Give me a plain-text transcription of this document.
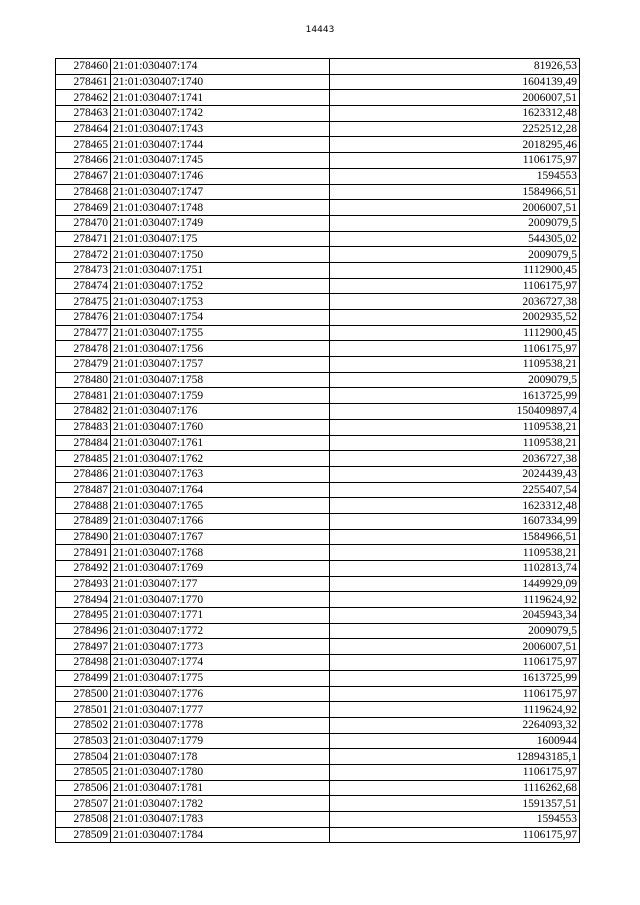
14443
278460	21:01:030407:174	81926,53
278461	21:01:030407:1740	1604139,49
278462	21:01:030407:1741	2006007,51
278463	21:01:030407:1742	1623312,48
278464	21:01:030407:1743	2252512,28
278465	21:01:030407:1744	2018295,46
278466	21:01:030407:1745	1106175,97
278467	21:01:030407:1746	1594553
278468	21:01:030407:1747	1584966,51
278469	21:01:030407:1748	2006007,51
278470	21:01:030407:1749	2009079,5
278471	21:01:030407:175	544305,02
278472	21:01:030407:1750	2009079,5
278473	21:01:030407:1751	1112900,45
278474	21:01:030407:1752	1106175,97
278475	21:01:030407:1753	2036727,38
278476	21:01:030407:1754	2002935,52
278477	21:01:030407:1755	1112900,45
278478	21:01:030407:1756	1106175,97
278479	21:01:030407:1757	1109538,21
278480	21:01:030407:1758	2009079,5
278481	21:01:030407:1759	1613725,99
278482	21:01:030407:176	150409897,4
278483	21:01:030407:1760	1109538,21
278484	21:01:030407:1761	1109538,21
278485	21:01:030407:1762	2036727,38
278486	21:01:030407:1763	2024439,43
278487	21:01:030407:1764	2255407,54
278488	21:01:030407:1765	1623312,48
278489	21:01:030407:1766	1607334,99
278490	21:01:030407:1767	1584966,51
278491	21:01:030407:1768	1109538,21
278492	21:01:030407:1769	1102813,74
278493	21:01:030407:177	1449929,09
278494	21:01:030407:1770	1119624,92
278495	21:01:030407:1771	2045943,34
278496	21:01:030407:1772	2009079,5
278497	21:01:030407:1773	2006007,51
278498	21:01:030407:1774	1106175,97
278499	21:01:030407:1775	1613725,99
278500	21:01:030407:1776	1106175,97
278501	21:01:030407:1777	1119624,92
278502	21:01:030407:1778	2264093,32
278503	21:01:030407:1779	1600944
278504	21:01:030407:178	128943185,1
278505	21:01:030407:1780	1106175,97
278506	21:01:030407:1781	1116262,68
278507	21:01:030407:1782	1591357,51
278508	21:01:030407:1783	1594553
278509	21:01:030407:1784	1106175,97
